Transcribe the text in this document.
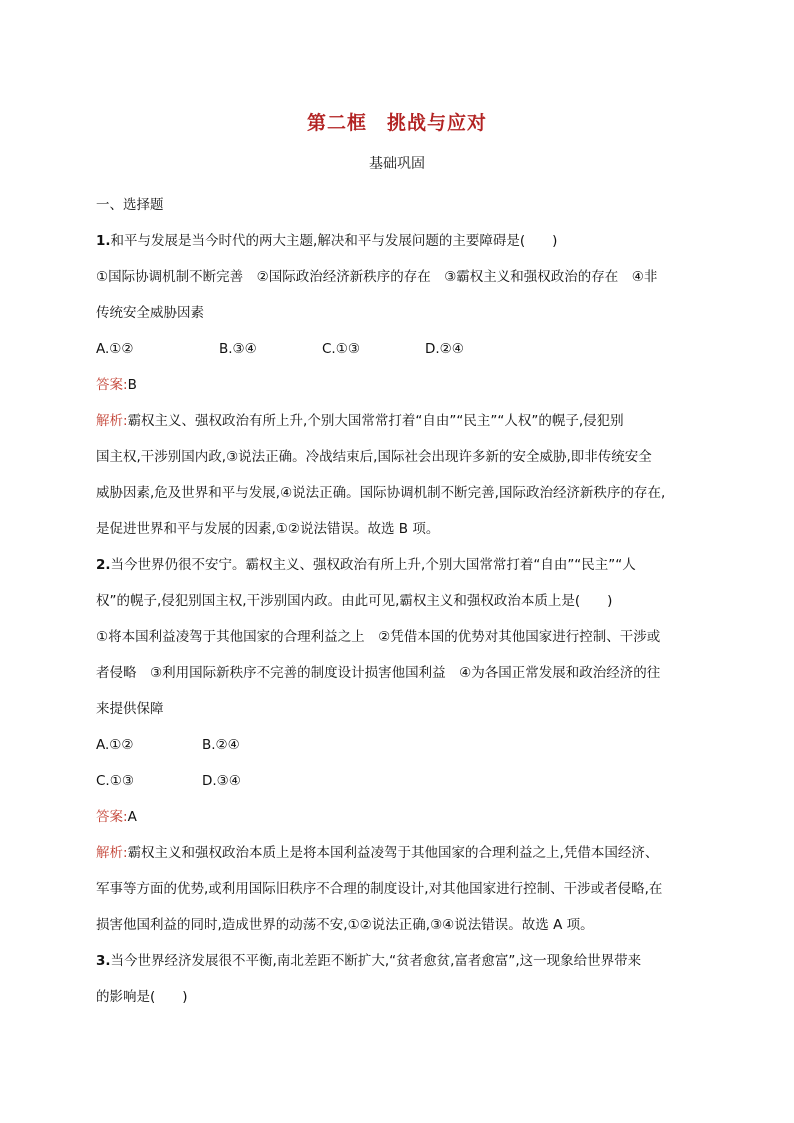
第二框　挑战与应对
基础巩固
一、选择题
1.和平与发展是当今时代的两大主题,解决和平与发展问题的主要障碍是(　　)
①国际协调机制不断完善　②国际政治经济新秩序的存在　③霸权主义和强权政治的存在　④非
传统安全威胁因素
A.①②	B.③④	C.①③	D.②④
答案:B
解析:霸权主义、强权政治有所上升,个别大国常常打着“自由”“民主”“人权”的幌子,侵犯别
国主权,干涉别国内政,③说法正确。冷战结束后,国际社会出现许多新的安全威胁,即非传统安全
威胁因素,危及世界和平与发展,④说法正确。国际协调机制不断完善,国际政治经济新秩序的存在,
是促进世界和平与发展的因素,①②说法错误。故选 B 项。
2.当今世界仍很不安宁。霸权主义、强权政治有所上升,个别大国常常打着“自由”“民主”“人
权”的幌子,侵犯别国主权,干涉别国内政。由此可见,霸权主义和强权政治本质上是(　　)
①将本国利益凌驾于其他国家的合理利益之上　②凭借本国的优势对其他国家进行控制、干涉或
者侵略　③利用国际新秩序不完善的制度设计损害他国利益　④为各国正常发展和政治经济的往
来提供保障
A.①②	B.②④
C.①③	D.③④
答案:A
解析:霸权主义和强权政治本质上是将本国利益凌驾于其他国家的合理利益之上,凭借本国经济、
军事等方面的优势,或利用国际旧秩序不合理的制度设计,对其他国家进行控制、干涉或者侵略,在
损害他国利益的同时,造成世界的动荡不安,①②说法正确,③④说法错误。故选 A 项。
3.当今世界经济发展很不平衡,南北差距不断扩大,“贫者愈贫,富者愈富”,这一现象给世界带来
的影响是(　　)
